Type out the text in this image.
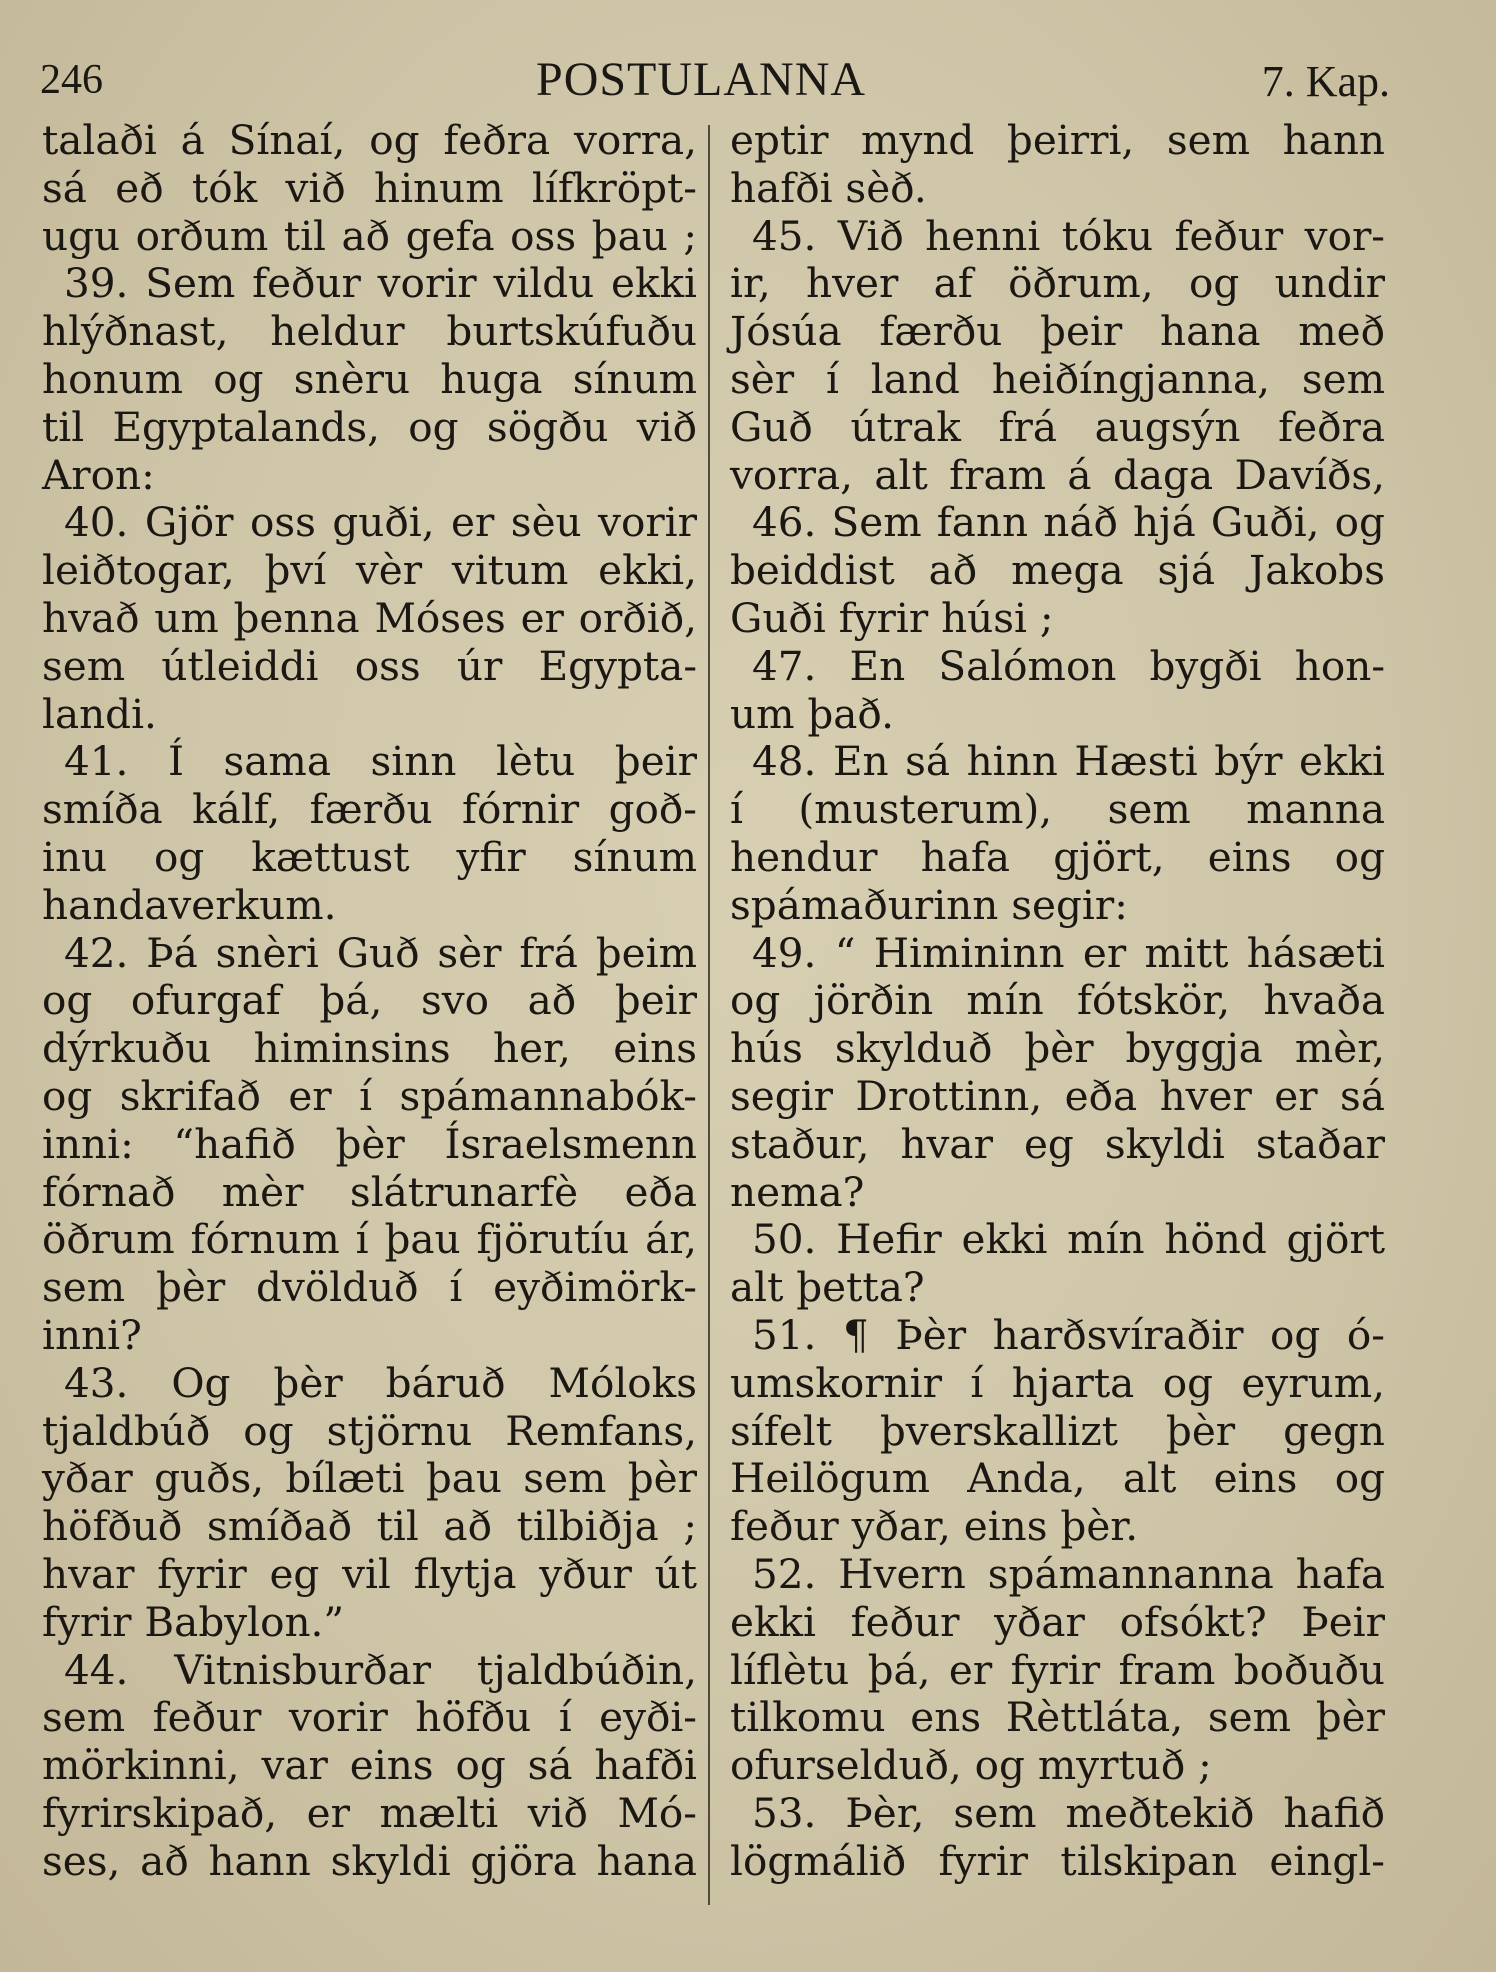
246	POSTULANNA	7. Kap.
talaði á Sínaí, og feðra vorra,
sá eð tók við hinum lífkröpt-
ugu orðum til að gefa oss þau ;
39. Sem feður vorir vildu ekki
hlýðnast, heldur burtskúfuðu
honum og snèru huga sínum
til Egyptalands, og sögðu við
Aron:
40. Gjör oss guði, er sèu vorir
leiðtogar, því vèr vitum ekki,
hvað um þenna Móses er orðið,
sem útleiddi oss úr Egypta-
landi.
41. Í sama sinn lètu þeir
smíða kálf, færðu fórnir goð-
inu og kættust yfir sínum
handaverkum.
42. Þá snèri Guð sèr frá þeim
og ofurgaf þá, svo að þeir
dýrkuðu himinsins her, eins
og skrifað er í spámannabók-
inni: “hafið þèr Ísraelsmenn
fórnað mèr slátrunarfè eða
öðrum fórnum í þau fjörutíu ár,
sem þèr dvölduð í eyðimörk-
inni?
43. Og þèr báruð Móloks
tjaldbúð og stjörnu Remfans,
yðar guðs, bílæti þau sem þèr
höfðuð smíðað til að tilbiðja ;
hvar fyrir eg vil flytja yður út
fyrir Babylon.”
44. Vitnisburðar tjaldbúðin,
sem feður vorir höfðu í eyði-
mörkinni, var eins og sá hafði
fyrirskipað, er mælti við Mó-
ses, að hann skyldi gjöra hana
eptir mynd þeirri, sem hann
hafði sèð.
45. Við henni tóku feður vor-
ir, hver af öðrum, og undir
Jósúa færðu þeir hana með
sèr í land heiðíngjanna, sem
Guð útrak frá augsýn feðra
vorra, alt fram á daga Davíðs,
46. Sem fann náð hjá Guði, og
beiddist að mega sjá Jakobs
Guði fyrir húsi ;
47. En Salómon bygði hon-
um það.
48. En sá hinn Hæsti býr ekki
í (musterum), sem manna
hendur hafa gjört, eins og
spámaðurinn segir:
49. “ Himininn er mitt hásæti
og jörðin mín fótskör, hvaða
hús skylduð þèr byggja mèr,
segir Drottinn, eða hver er sá
staður, hvar eg skyldi staðar
nema?
50. Hefir ekki mín hönd gjört
alt þetta?
51. ¶ Þèr harðsvíraðir og ó-
umskornir í hjarta og eyrum,
sífelt þverskallizt þèr gegn
Heilögum Anda, alt eins og
feður yðar, eins þèr.
52. Hvern spámannanna hafa
ekki feður yðar ofsókt? Þeir
líflètu þá, er fyrir fram boðuðu
tilkomu ens Rèttláta, sem þèr
ofurselduð, og myrtuð ;
53. Þèr, sem meðtekið hafið
lögmálið fyrir tilskipan eingl-
